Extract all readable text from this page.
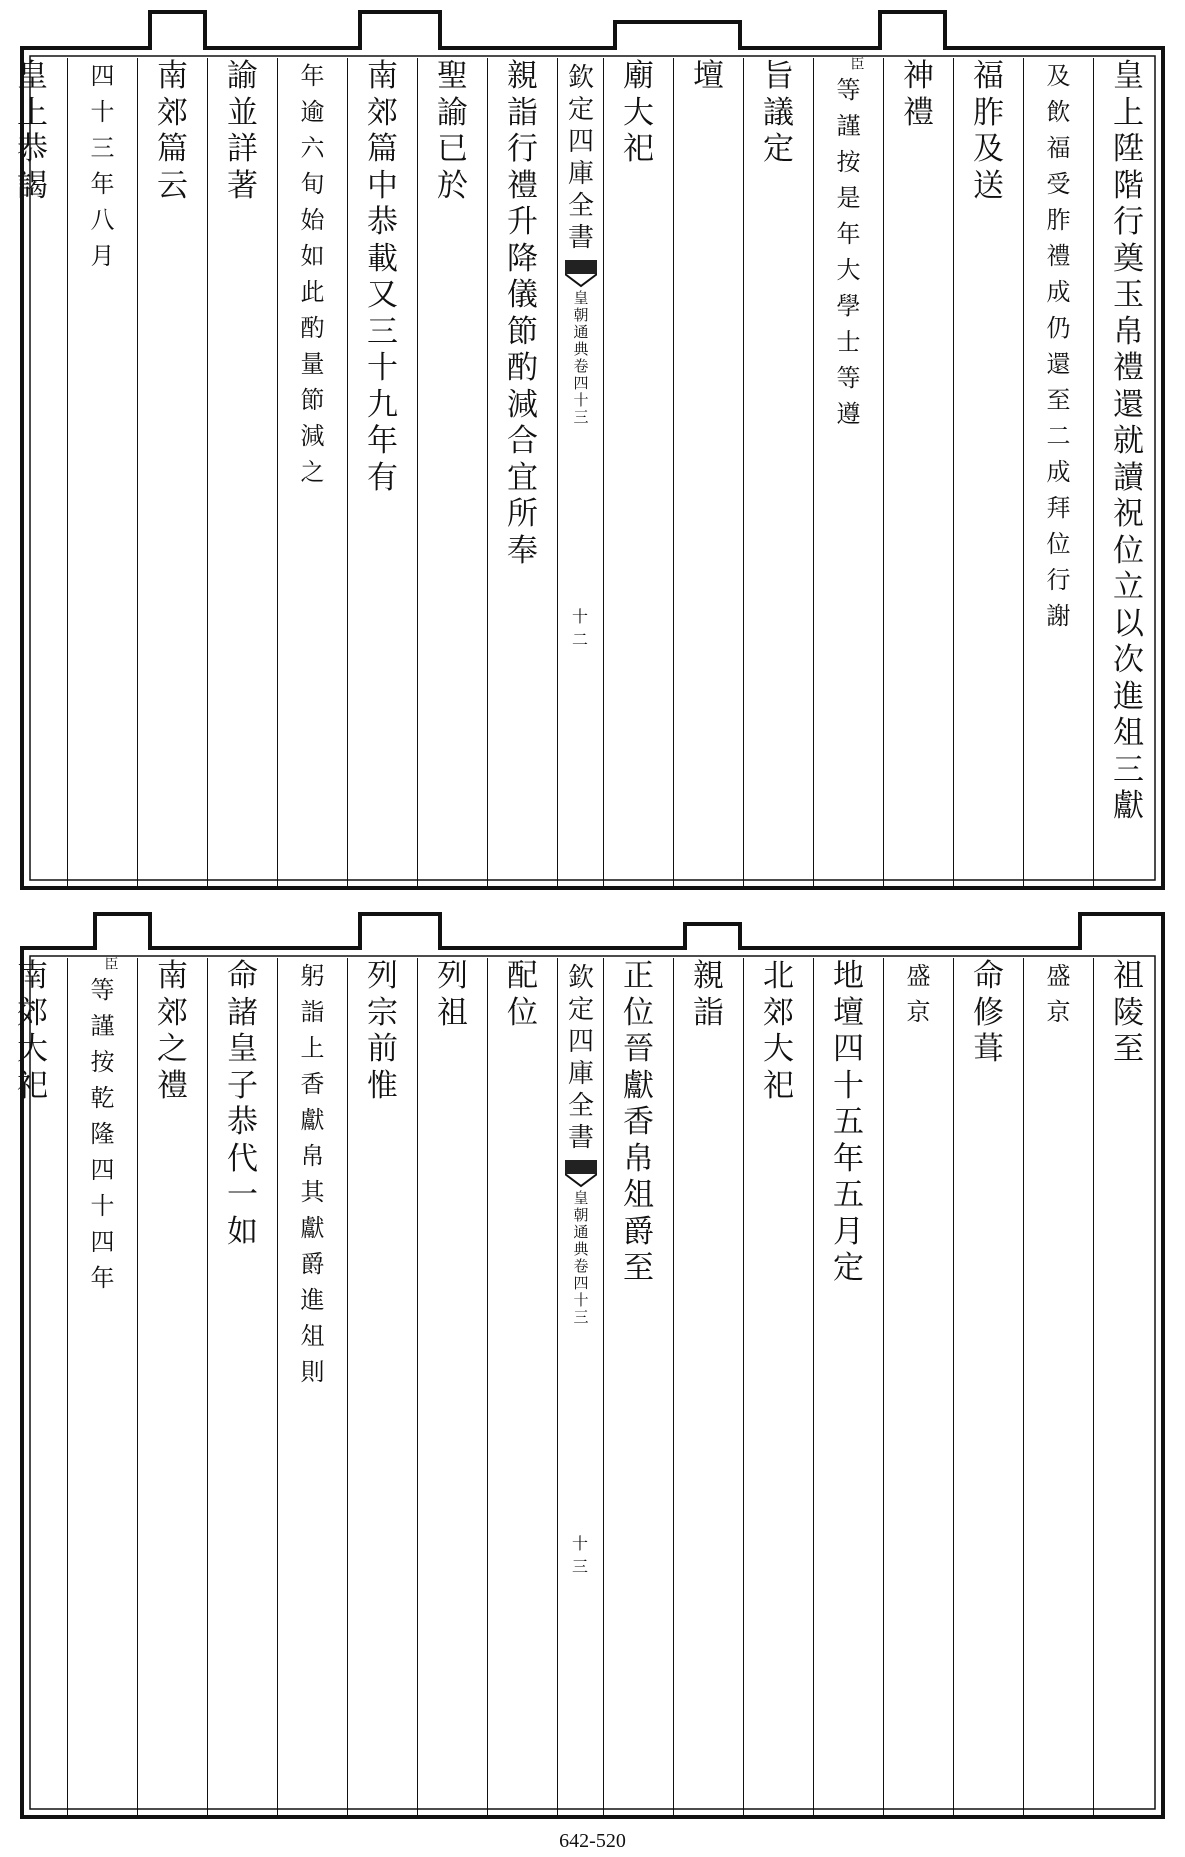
皇上陞階行奠玉帛禮還就讀祝位立以次進俎三獻
及飲福受胙禮成仍還至二成拜位行謝
福胙及送
神禮
臣
等謹按是年大學士等遵
旨議定
壇
廟大祀
欽定四庫全書
皇朝通典 卷四十三
十二
親詣行禮升降儀節酌減合宜所奉
聖諭已於
南郊篇中恭載又三十九年有
年逾六旬始如此酌量節減之
諭並詳著
南郊篇云
四十三年八月
皇上恭謁
祖陵至
盛京
命修葺
盛京
地壇四十五年五月定
北郊大祀
親詣
正位晉獻香帛俎爵至
欽定四庫全書
皇朝通典 卷四十三
十三
配位
列祖
列宗前惟
躬詣上香獻帛其獻爵進俎則
命諸皇子恭代一如
南郊之禮
臣
等謹按乾隆四十四年
南郊大祀
642-520
